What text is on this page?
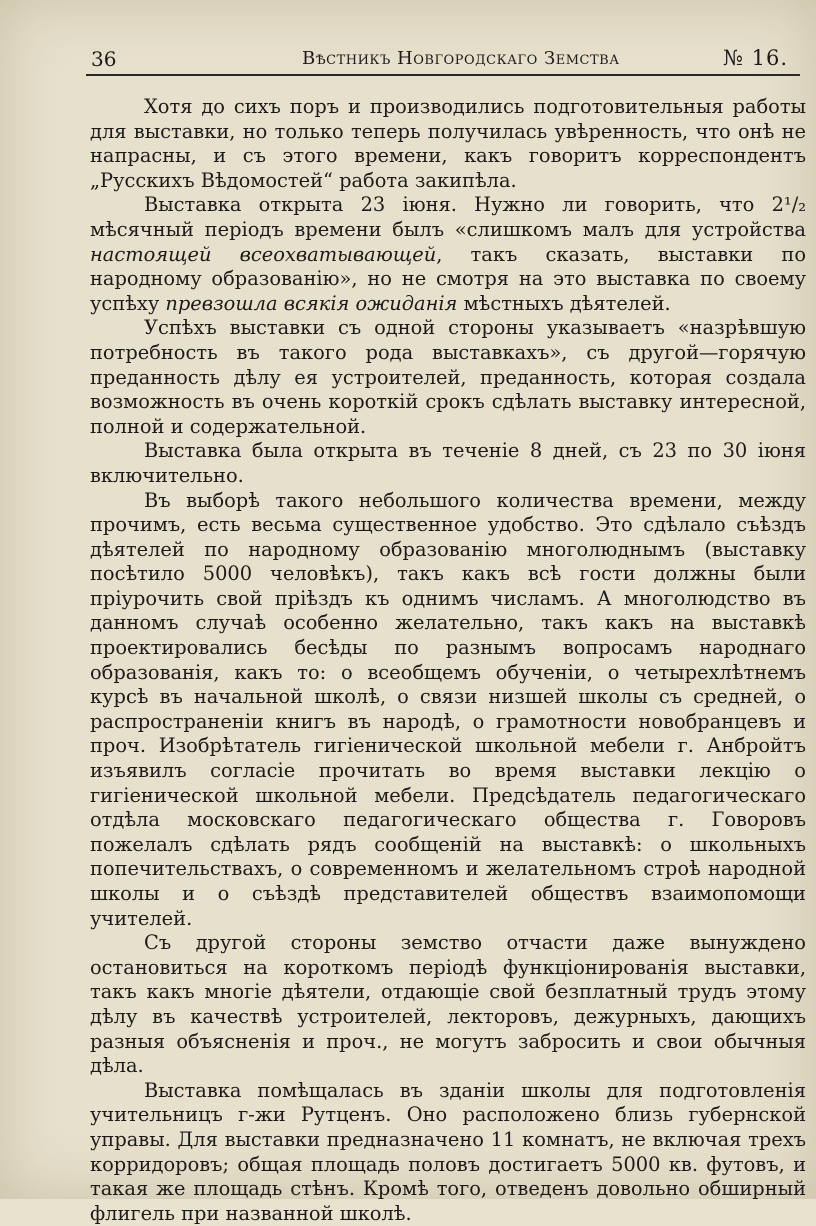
36	Вѣстникъ Новгородскаго Земства	№ 16.

Хотя до сихъ поръ и производились подготовительныя работы для выставки, но только теперь получилась увѣренность, что онѣ не напрасны, и съ этого времени, какъ говоритъ корреспондентъ „Русскихъ Вѣдомостей“ работа закипѣла.

Выставка открыта 23 іюня. Нужно ли говорить, что 2¹/₂ мѣсячный періодъ времени былъ «слишкомъ малъ для устройства настоящей всеохватывающей, такъ сказать, выставки по народному образованію», но не смотря на это выставка по своему успѣху превзошла всякія ожиданія мѣстныхъ дѣятелей.

Успѣхъ выставки съ одной стороны указываетъ «назрѣвшую потребность въ такого рода выставкахъ», съ другой—горячую преданность дѣлу ея устроителей, преданность, которая создала возможность въ очень короткій срокъ сдѣлать выставку интересной, полной и содержательной.

Выставка была открыта въ теченіе 8 дней, съ 23 по 30 іюня включительно.

Въ выборѣ такого небольшого количества времени, между прочимъ, есть весьма существенное удобство. Это сдѣлало съѣздъ дѣятелей по народному образованію многолюднымъ (выставку посѣтило 5000 человѣкъ), такъ какъ всѣ гости должны были пріурочить свой пріѣздъ къ однимъ числамъ. А многолюдство въ данномъ случаѣ особенно желательно, такъ какъ на выставкѣ проектировались бесѣды по разнымъ вопросамъ народнаго образованія, какъ то: о всеобщемъ обученіи, о четырехлѣтнемъ курсѣ въ начальной школѣ, о связи низшей школы съ средней, о распространеніи книгъ въ народѣ, о грамотности новобранцевъ и проч. Изобрѣтатель гигіенической школьной мебели г. Анбройтъ изъявилъ согласіе прочитать во время выставки лекцію о гигіенической школьной мебели. Предсѣдатель педагогическаго отдѣла московскаго педагогическаго общества г. Говоровъ пожелалъ сдѣлать рядъ сообщеній на выставкѣ: о школьныхъ попечительствахъ, о современномъ и желательномъ строѣ народной школы и о съѣздѣ представителей обществъ взаимопомощи учителей.

Съ другой стороны земство отчасти даже вынуждено остановиться на короткомъ періодѣ функціонированія выставки, такъ какъ многіе дѣятели, отдающіе свой безплатный трудъ этому дѣлу въ качествѣ устроителей, лекторовъ, дежурныхъ, дающихъ разныя объясненія и проч., не могутъ забросить и свои обычныя дѣла.

Выставка помѣщалась въ зданіи школы для подготовленія учительницъ г-жи Рутценъ. Оно расположено близь губернской управы. Для выставки предназначено 11 комнатъ, не включая трехъ корридоровъ; общая площадь половъ достигаетъ 5000 кв. футовъ, и такая же площадь стѣнъ. Кромѣ того, отведенъ довольно обширный флигель при названной школѣ.
